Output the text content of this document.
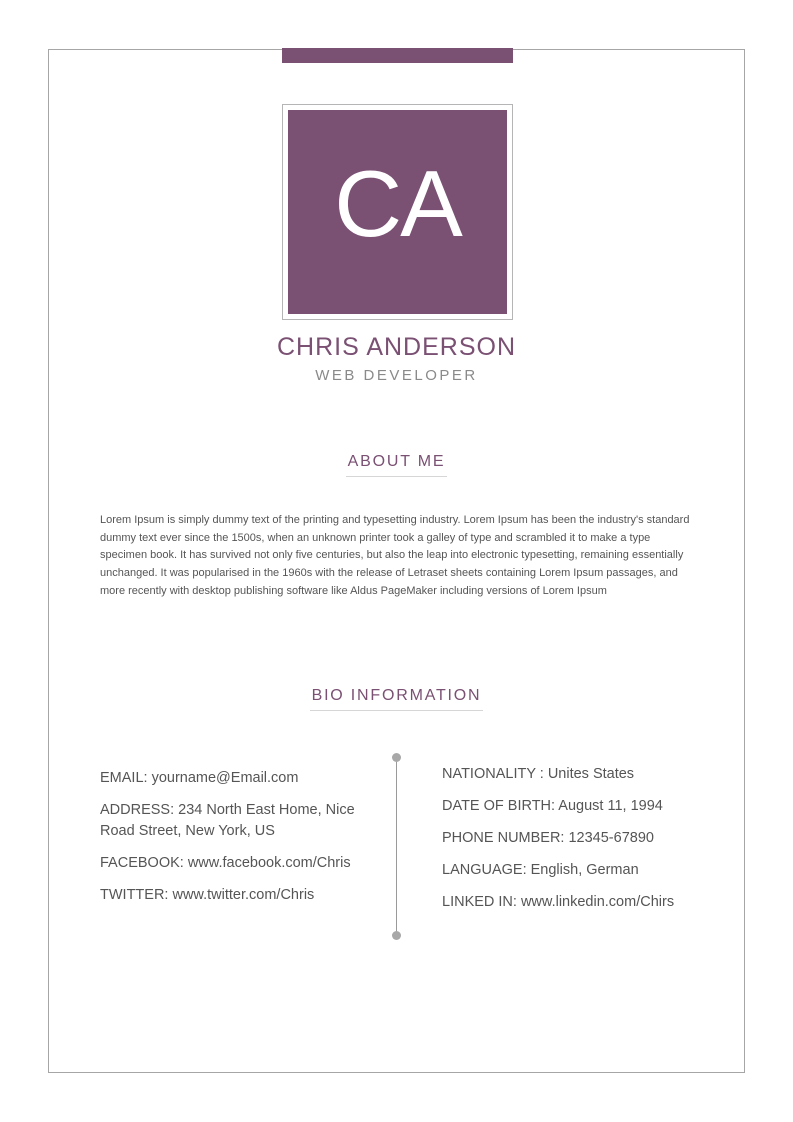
CA
CHRIS ANDERSON
WEB DEVELOPER
ABOUT ME
Lorem Ipsum is simply dummy text of the printing and typesetting industry. Lorem Ipsum has been the industry's standard dummy text ever since the 1500s, when an unknown printer took a galley of type and scrambled it to make a type specimen book. It has survived not only five centuries, but also the leap into electronic typesetting, remaining essentially unchanged. It was popularised in the 1960s with the release of Letraset sheets containing Lorem Ipsum passages, and more recently with desktop publishing software like Aldus PageMaker including versions of Lorem Ipsum
BIO INFORMATION
EMAIL: yourname@Email.com
ADDRESS: 234 North East Home, Nice Road Street, New York, US
FACEBOOK: www.facebook.com/Chris
TWITTER: www.twitter.com/Chris
NATIONALITY : Unites States
DATE OF BIRTH: August 11, 1994
PHONE NUMBER: 12345-67890
LANGUAGE: English, German
LINKED IN: www.linkedin.com/Chirs
